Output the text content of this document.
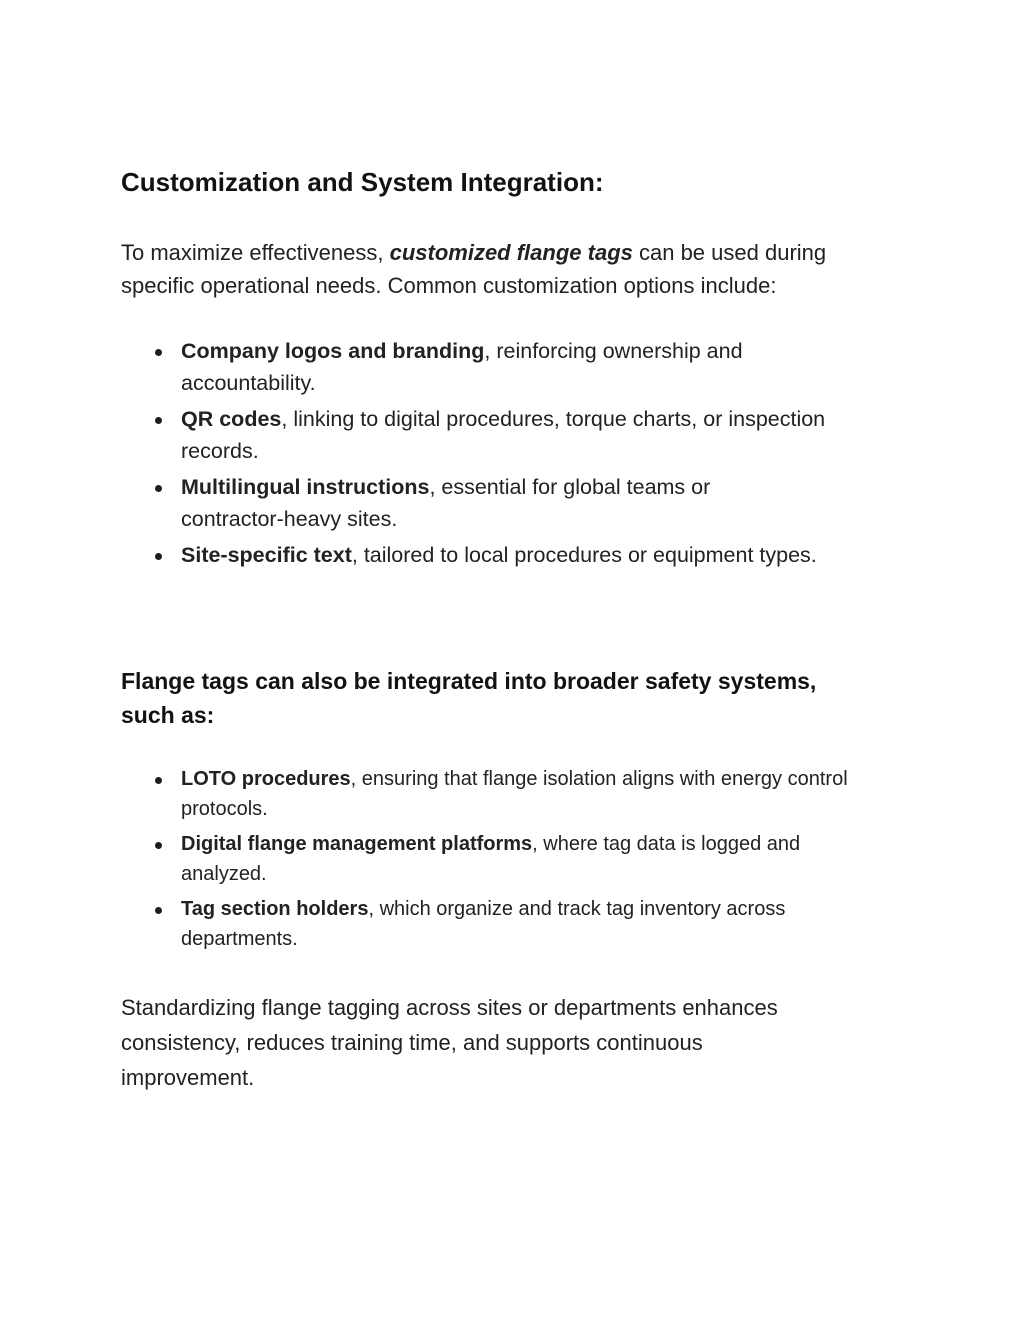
Customization and System Integration:

To maximize effectiveness, customized flange tags can be used during specific operational needs. Common customization options include:

Company logos and branding, reinforcing ownership and accountability.
QR codes, linking to digital procedures, torque charts, or inspection records.
Multilingual instructions, essential for global teams or contractor-heavy sites.
Site-specific text, tailored to local procedures or equipment types.
Flange tags can also be integrated into broader safety systems, such as:
LOTO procedures, ensuring that flange isolation aligns with energy control protocols.
Digital flange management platforms, where tag data is logged and analyzed.
Tag section holders, which organize and track tag inventory across departments.

Standardizing flange tagging across sites or departments enhances consistency, reduces training time, and supports continuous improvement.
